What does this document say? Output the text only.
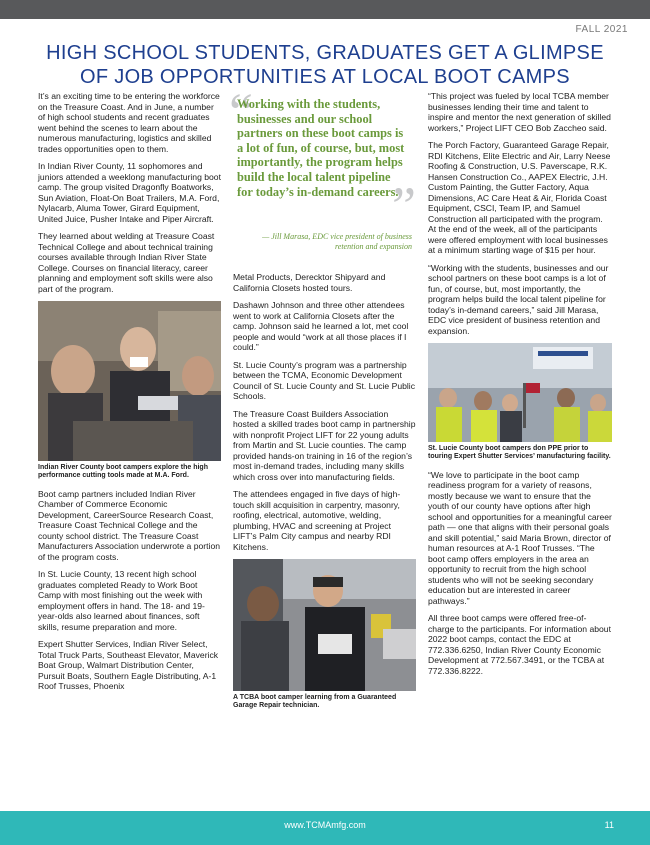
FALL 2021
HIGH SCHOOL STUDENTS, GRADUATES GET A GLIMPSE
OF JOB OPPORTUNITIES AT LOCAL BOOT CAMPS

It’s an exciting time to be entering the workforce on the Treasure Coast. And in June, a number of high school students and recent graduates went behind the scenes to learn about the numerous manufacturing, logistics and skilled trades opportunities open to them.

In Indian River County, 11 sophomores and juniors attended a weeklong manufacturing boot camp. The group visited Dragonfly Boatworks, Sun Aviation, Float-On Boat Trailers, M.A. Ford, Nylacarb, Aluma Tower, Girard Equipment, United Juice, Pusher Intake and Piper Aircraft.

They learned about welding at Treasure Coast Technical College and about technical training courses available through Indian River State College. Courses on financial literacy, career planning and employment soft skills were also part of the program.

Indian River County boot campers explore the high performance cutting tools made at M.A. Ford.

Boot camp partners included Indian River Chamber of Commerce Economic Development, CareerSource Research Coast, Treasure Coast Technical College and the county school district. The Treasure Coast Manufacturers Association underwrote a portion of the program costs.

In St. Lucie County, 13 recent high school graduates completed Ready to Work Boot Camp with most finishing out the week with employment offers in hand. The 18- and 19-year-olds also learned about finances, soft skills, resume preparation and more.

Expert Shutter Services, Indian River Select, Total Truck Parts, Southeast Elevator, Maverick Boat Group, Walmart Distribution Center, Pursuit Boats, Southern Eagle Distributing, A-1 Roof Trusses, Phoenix

“
Working with the students, businesses and our school partners on these boot camps is a lot of fun, of course, but, most importantly, the program helps build the local talent pipeline for today’s in-demand careers.
”
— Jill Marasa, EDC vice president of business retention and expansion

Metal Products, Derecktor Shipyard and California Closets hosted tours.

Dashawn Johnson and three other attendees went to work at California Closets after the camp. Johnson said he learned a lot, met cool people and would “work at all those places if I could.”

St. Lucie County’s program was a partnership between the TCMA, Economic Development Council of St. Lucie County and St. Lucie Public Schools.

The Treasure Coast Builders Association hosted a skilled trades boot camp in partnership with nonprofit Project LIFT for 22 young adults from Martin and St. Lucie counties. The camp provided hands-on training in 16 of the region’s most in-demand trades, including many skills which cross over into manufacturing fields.

The attendees engaged in five days of high-touch skill acquisition in carpentry, masonry, roofing, electrical, automotive, welding, plumbing, HVAC and screening at Project LIFT’s Palm City campus and nearby RDI Kitchens.

A TCBA boot camper learning from a Guaranteed Garage Repair technician.

“This project was fueled by local TCBA member businesses lending their time and talent to inspire and mentor the next generation of skilled workers,” Project LIFT CEO Bob Zaccheo said.

The Porch Factory, Guaranteed Garage Repair, RDI Kitchens, Elite Electric and Air, Larry Neese Roofing & Construction, U.S. Paverscape, R.K. Hansen Construction Co., AAPEX Electric, J.H. Custom Painting, the Gutter Factory, Aqua Dimensions, AC Care Heat & Air, Florida Coast Equipment, CSCI, Team IP, and Samuel Construction all participated with the program. At the end of the week, all of the participants were offered employment with local businesses at a minimum starting wage of $15 per hour.

“Working with the students, businesses and our school partners on these boot camps is a lot of fun, of course, but, most importantly, the program helps build the local talent pipeline for today’s in-demand careers,” said Jill Marasa, EDC vice president of business retention and expansion.

St. Lucie County boot campers don PPE prior to touring Expert Shutter Services’ manufacturing facility.

“We love to participate in the boot camp readiness program for a variety of reasons, mostly because we want to ensure that the youth of our county have options after high school and opportunities for a meaningful career path — one that aligns with their personal goals and skill potential,” said Maria Brown, director of human resources at A-1 Roof Trusses. “The boot camp offers employers in the area an opportunity to recruit from the high school students who will not be seeking secondary education but are interested in career pathways.”

All three boot camps were offered free-of-charge to the participants. For information about 2022 boot camps, contact the EDC at 772.336.6250, Indian River County Economic Development at 772.567.3491, or the TCBA at 772.336.8222.

www.TCMAmfg.com	11
